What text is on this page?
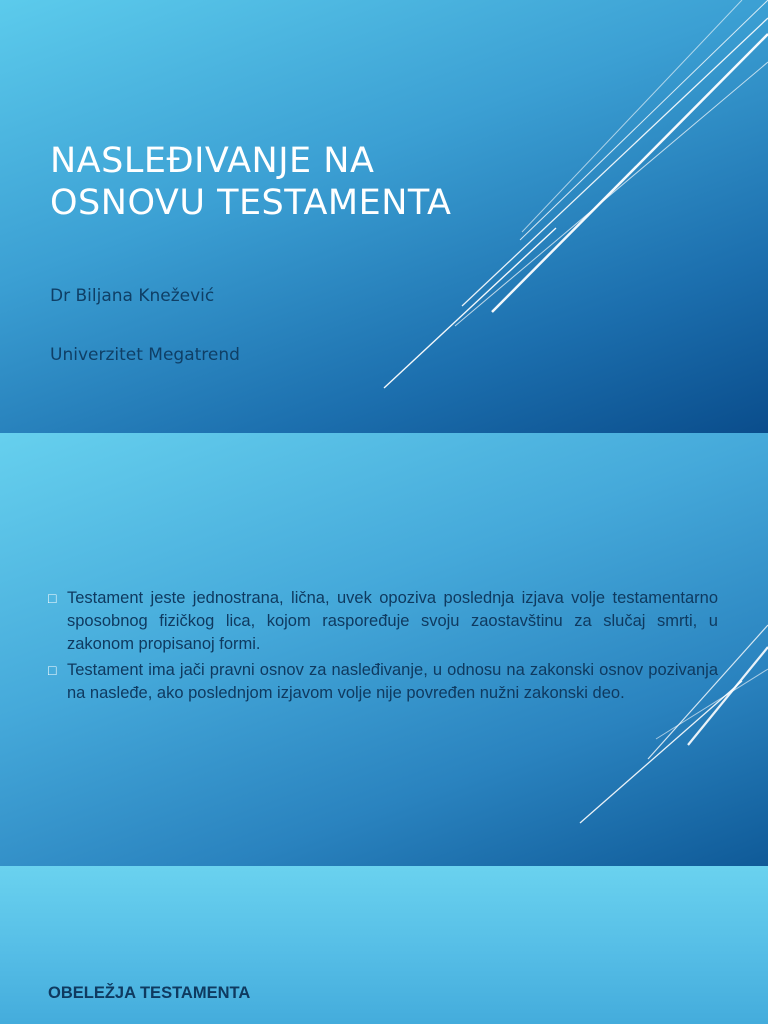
NASLEĐIVANJE NA
OSNOVU TESTAMENTA

Dr Biljana Knežević

Univerzitet Megatrend

□ Testament jeste jednostrana, lična, uvek opoziva poslednja izjava volje testamentarno sposobnog fizičkog lica, kojom raspoređuje svoju zaostavštinu za slučaj smrti, u zakonom propisanoj formi.
□ Testament ima jači pravni osnov za nasleđivanje, u odnosu na zakonski osnov pozivanja na nasleđe, ako poslednjom izjavom volje nije povređen nužni zakonski deo.
OBELEŽJA TESTAMENTA
